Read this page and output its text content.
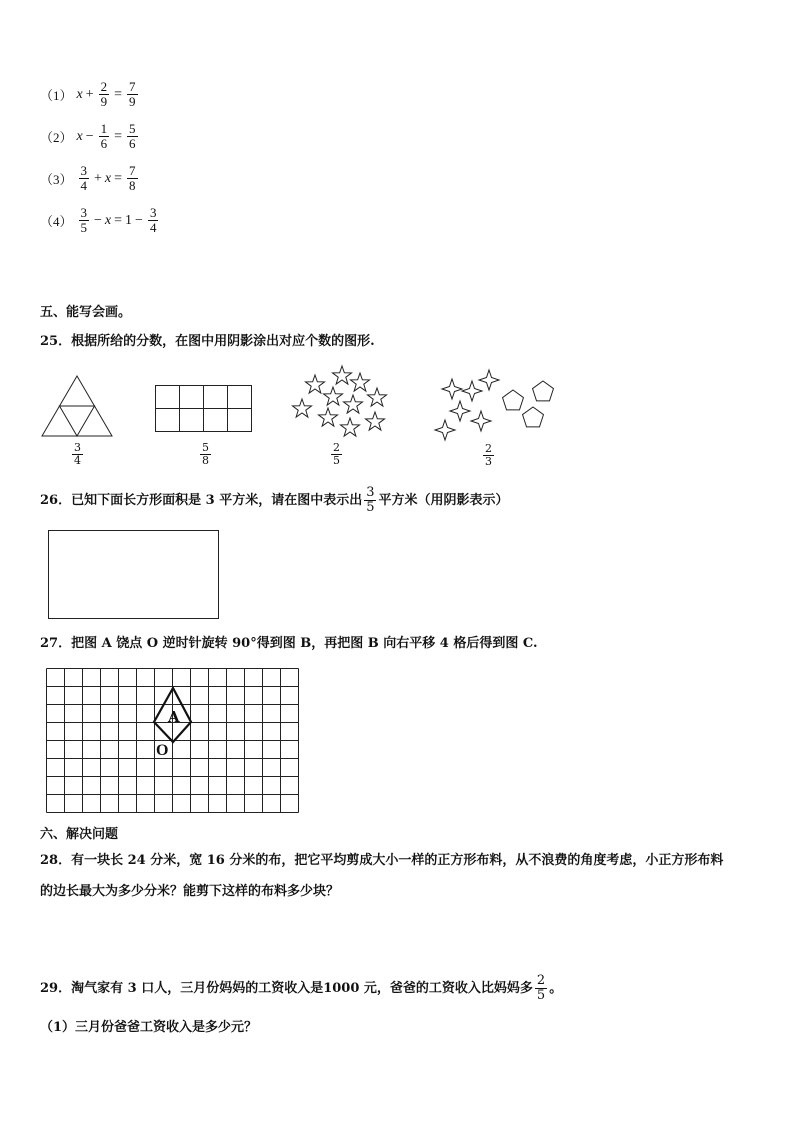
（1） $x + \frac{2}{9} = \frac{7}{9}$
（2） $x - \frac{1}{6} = \frac{5}{6}$
$(3) \frac{3}{4} + x = \frac{7}{8}$
$(4) \frac{3}{5} - x = 1 - \frac{3}{4}$
五、能写会画。
25．根据所给的分数，在图中用阴影涂出对应个数的图形.
$\frac{3}{4}$	$\frac{5}{8}$	$\frac{2}{5}$	$\frac{2}{3}$
26．已知下面长方形面积是 3 平方米，请在图中表示出 $\frac{3}{5}$ 平方米（用阴影表示）
27．把图 A 饶点 O 逆时针旋转 90°得到图 B，再把图 B 向右平移 4 格后得到图 C.
A
O
六、解决问题
28．有一块长 24 分米，宽 16 分米的布，把它平均剪成大小一样的正方形布料，从不浪费的角度考虑，小正方形布料
的边长最大为多少分米？能剪下这样的布料多少块？
29．淘气家有 3 口人，三月份妈妈的工资收入是1000 元，爸爸的工资收入比妈妈多 $\frac{2}{5}$ 。
（1）三月份爸爸工资收入是多少元？
